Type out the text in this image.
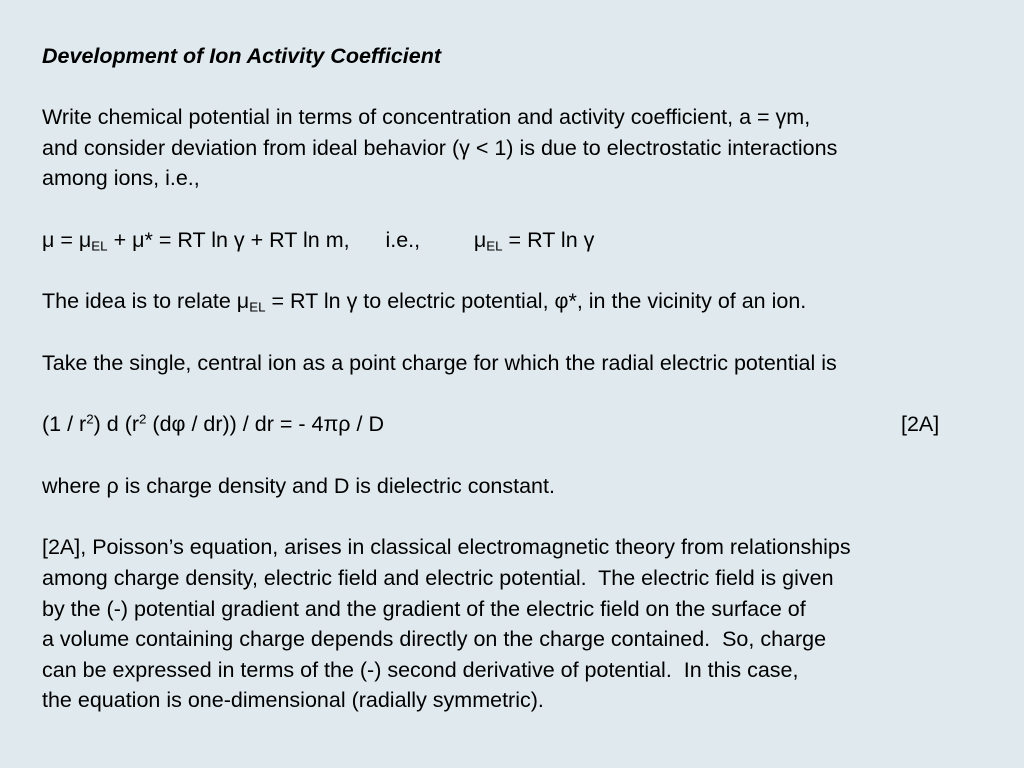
Development of Ion Activity Coefficient
Write chemical potential in terms of concentration and activity coefficient, a = γm,
and consider deviation from ideal behavior (γ < 1) is due to electrostatic interactions
among ions, i.e.,
$\mu = \mu_{EL} + \mu*$ = RT ln γ + RT ln m,      i.e.,         $\mu_{EL}$ = RT ln γ
The idea is to relate $\mu_{EL}$ = RT ln γ to electric potential, φ*, in the vicinity of an ion.
Take the single, central ion as a point charge for which the radial electric potential is
$(1 / r^2)$ d ($r^2$ (dφ / dr)) / dr = - 4πρ / D	[2A]
where ρ is charge density and D is dielectric constant.
[2A], Poisson’s equation, arises in classical electromagnetic theory from relationships
among charge density, electric field and electric potential.  The electric field is given
by the (-) potential gradient and the gradient of the electric field on the surface of
a volume containing charge depends directly on the charge contained.  So, charge
can be expressed in terms of the (-) second derivative of potential.  In this case,
the equation is one-dimensional (radially symmetric).
